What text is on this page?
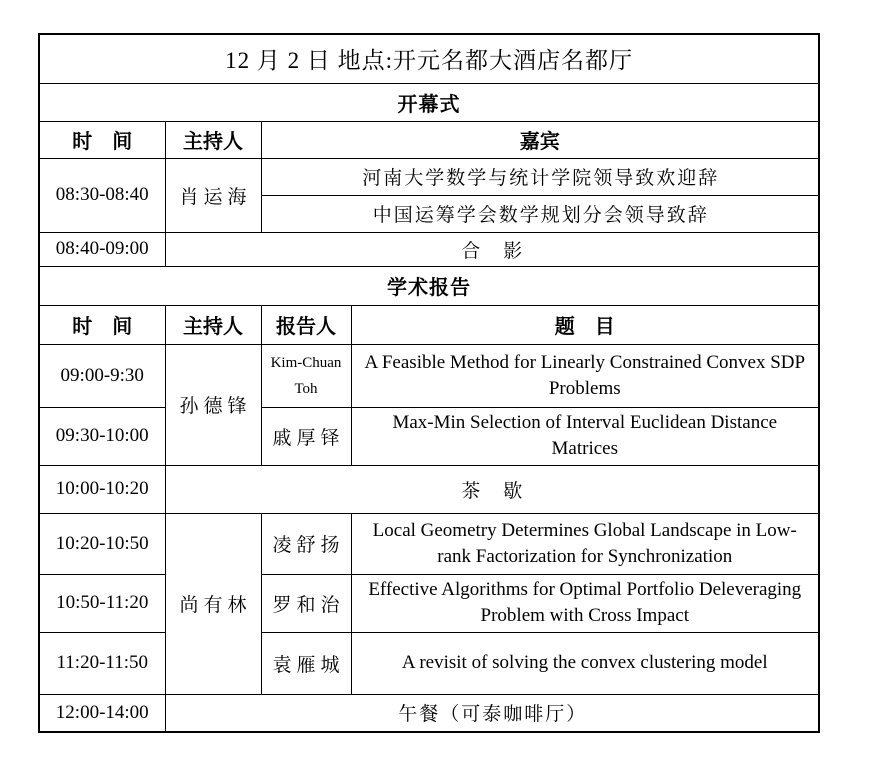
12 月 2 日 地点:开元名都大酒店名都厅			
开幕式			
时　间	主持人	嘉宾	
08:30-08:40	肖运海	河南大学数学与统计学院领导致欢迎辞	
		中国运筹学会数学规划分会领导致辞	
08:40-09:00	合　影		
学术报告			
时　间	主持人	报告人	题　目
09:00-9:30	孙德锋	Kim-Chuan Toh	A Feasible Method for Linearly Constrained Convex SDP Problems
09:30-10:00		戚厚铎	Max-Min Selection of Interval Euclidean Distance Matrices
10:00-10:20	茶　歇		
10:20-10:50	尚有林	凌舒扬	Local Geometry Determines Global Landscape in Low-rank Factorization for Synchronization
10:50-11:20		罗和治	Effective Algorithms for Optimal Portfolio Deleveraging Problem with Cross Impact
11:20-11:50		袁雁城	A revisit of solving the convex clustering model
12:00-14:00	午餐（可泰咖啡厅）		
